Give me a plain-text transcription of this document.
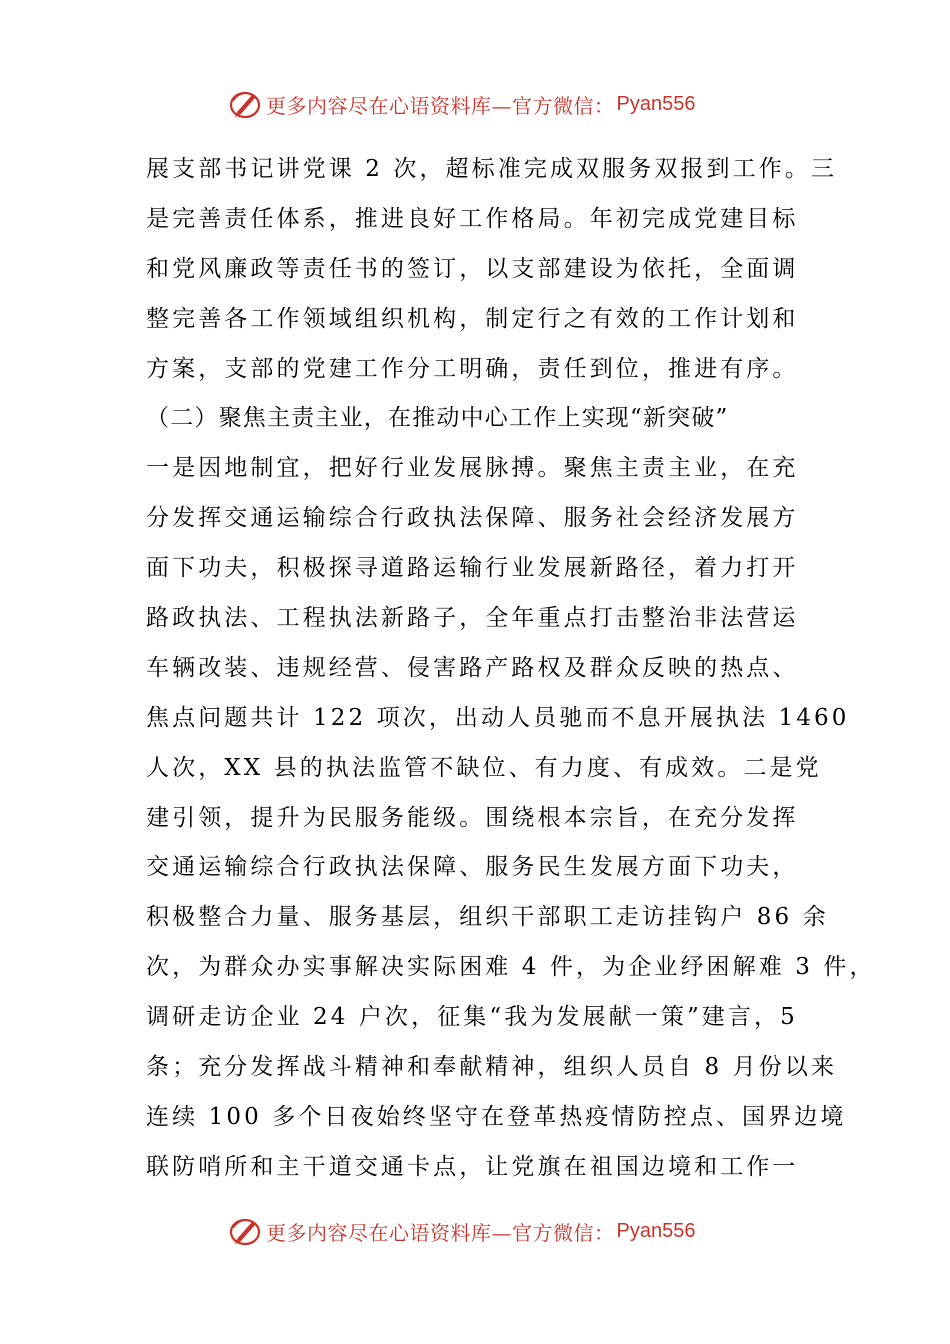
更多内容尽在心语资料库—官方微信： Pyan556
展支部书记讲党课 2 次，超标准完成双服务双报到工作。三
是完善责任体系，推进良好工作格局。年初完成党建目标
和党风廉政等责任书的签订，以支部建设为依托，全面调
整完善各工作领域组织机构，制定行之有效的工作计划和
方案，支部的党建工作分工明确，责任到位，推进有序。
（二）聚焦主责主业，在推动中心工作上实现“新突破”
一是因地制宜，把好行业发展脉搏。聚焦主责主业，在充
分发挥交通运输综合行政执法保障、服务社会经济发展方
面下功夫，积极探寻道路运输行业发展新路径，着力打开
路政执法、工程执法新路子，全年重点打击整治非法营运
车辆改装、违规经营、侵害路产路权及群众反映的热点、
焦点问题共计 122 项次，出动人员驰而不息开展执法 1460
人次，XX 县的执法监管不缺位、有力度、有成效。二是党
建引领，提升为民服务能级。围绕根本宗旨，在充分发挥
交通运输综合行政执法保障、服务民生发展方面下功夫，
积极整合力量、服务基层，组织干部职工走访挂钩户 86 余
次，为群众办实事解决实际困难 4 件，为企业纾困解难 3 件，
调研走访企业 24 户次，征集“我为发展献一策”建言，5
条；充分发挥战斗精神和奉献精神，组织人员自 8 月份以来
连续 100 多个日夜始终坚守在登革热疫情防控点、国界边境
联防哨所和主干道交通卡点，让党旗在祖国边境和工作一
更多内容尽在心语资料库—官方微信： Pyan556
